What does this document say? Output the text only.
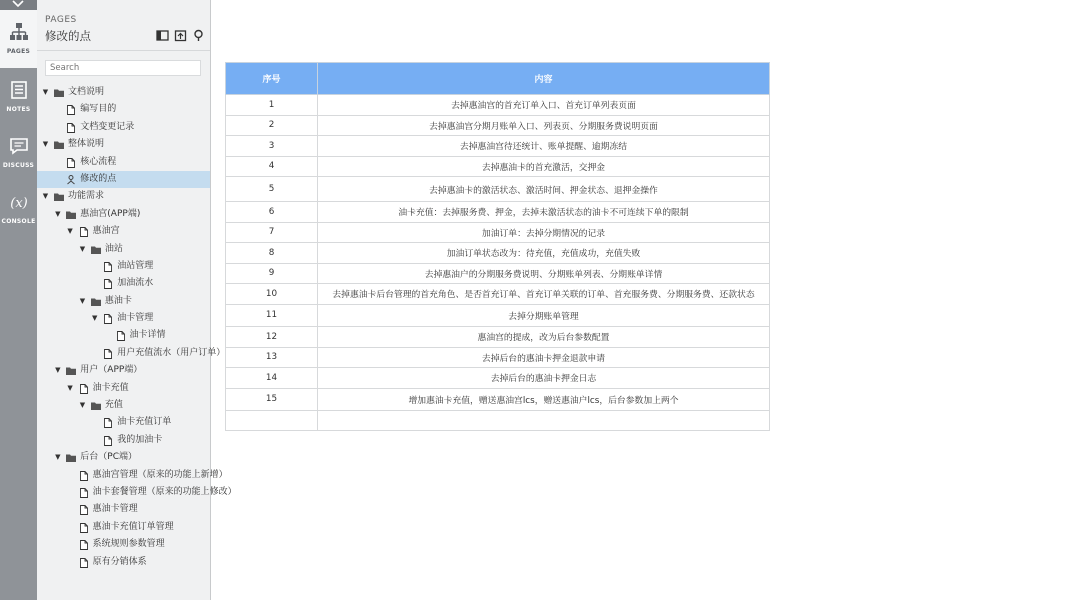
PAGES
NOTES
DISCUSS
(x)
CONSOLE
PAGES
修改的点
Search
▼ 文档说明
编写目的
文档变更记录
▼ 整体说明
核心流程
修改的点
▼ 功能需求
▼ 惠油宫(APP端)
▼ 惠油宫
▼ 油站
油站管理
加油流水
▼ 惠油卡
▼ 油卡管理
油卡详情
用户充值流水（用户订单）
▼ 用户（APP端）
▼ 油卡充值
▼ 充值
油卡充值订单
我的加油卡
▼ 后台（PC端）
惠油宫管理（原来的功能上新增）
油卡套餐管理（原来的功能上修改）
惠油卡管理
惠油卡充值订单管理
系统规则参数管理
原有分销体系
序号	内容
1	去掉惠油宫的首充订单入口、首充订单列表页面
2	去掉惠油宫分期月账单入口、列表页、分期服务费说明页面
3	去掉惠油宫待还统计、账单提醒、逾期冻结
4	去掉惠油卡的首充激活，交押金
5	去掉惠油卡的激活状态、激活时间、押金状态、退押金操作
6	油卡充值：去掉服务费、押金，去掉未激活状态的油卡不可连续下单的限制
7	加油订单：去掉分期情况的记录
8	加油订单状态改为：待充值，充值成功，充值失败
9	去掉惠油户的分期服务费说明、分期账单列表、分期账单详情
10	去掉惠油卡后台管理的首充角色、是否首充订单、首充订单关联的订单、首充服务费、分期服务费、还款状态
11	去掉分期账单管理
12	惠油宫的提成，改为后台参数配置
13	去掉后台的惠油卡押金退款申请
14	去掉后台的惠油卡押金日志
15	增加惠油卡充值，赠送惠油宫lcs，赠送惠油户lcs，后台参数加上两个
